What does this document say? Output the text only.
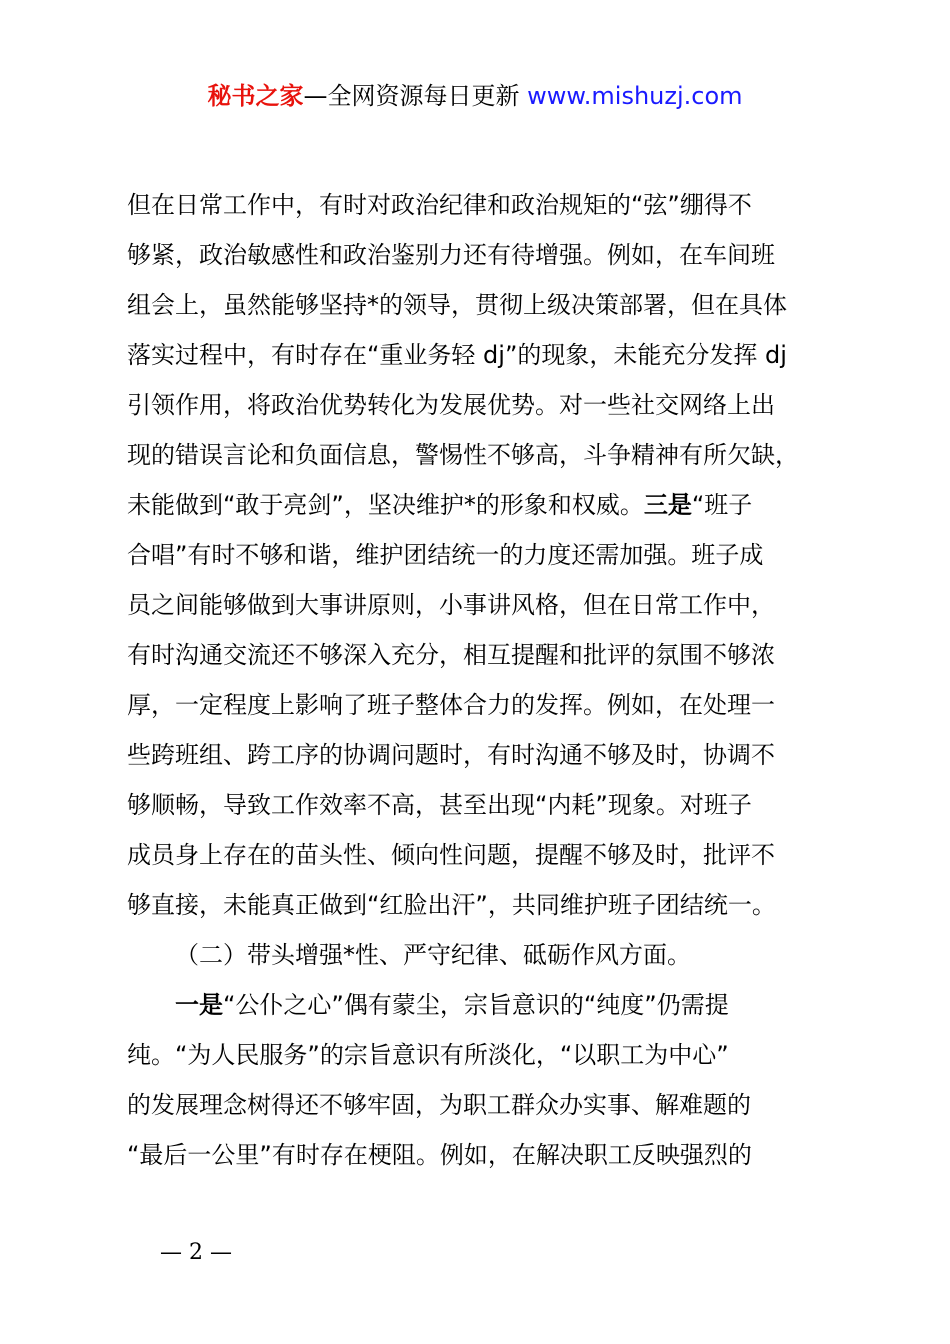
秘书之家—全网资源每日更新 www.mishuzj.com
但在日常工作中，有时对政治纪律和政治规矩的“弦”绷得不
够紧，政治敏感性和政治鉴别力还有待增强。例如，在车间班
组会上，虽然能够坚持*的领导，贯彻上级决策部署，但在具体
落实过程中，有时存在“重业务轻 dj”的现象，未能充分发挥 dj
引领作用，将政治优势转化为发展优势。对一些社交网络上出
现的错误言论和负面信息，警惕性不够高，斗争精神有所欠缺，
未能做到“敢于亮剑”，坚决维护*的形象和权威。三是“班子
合唱”有时不够和谐，维护团结统一的力度还需加强。班子成
员之间能够做到大事讲原则，小事讲风格，但在日常工作中，
有时沟通交流还不够深入充分，相互提醒和批评的氛围不够浓
厚，一定程度上影响了班子整体合力的发挥。例如，在处理一
些跨班组、跨工序的协调问题时，有时沟通不够及时，协调不
够顺畅，导致工作效率不高，甚至出现“内耗”现象。对班子
成员身上存在的苗头性、倾向性问题，提醒不够及时，批评不
够直接，未能真正做到“红脸出汗”，共同维护班子团结统一。
（二）带头增强*性、严守纪律、砥砺作风方面。
一是“公仆之心”偶有蒙尘，宗旨意识的“纯度”仍需提
纯。“为人民服务”的宗旨意识有所淡化，“以职工为中心”
的发展理念树得还不够牢固，为职工群众办实事、解难题的
“最后一公里”有时存在梗阻。例如，在解决职工反映强烈的
— 2 —
